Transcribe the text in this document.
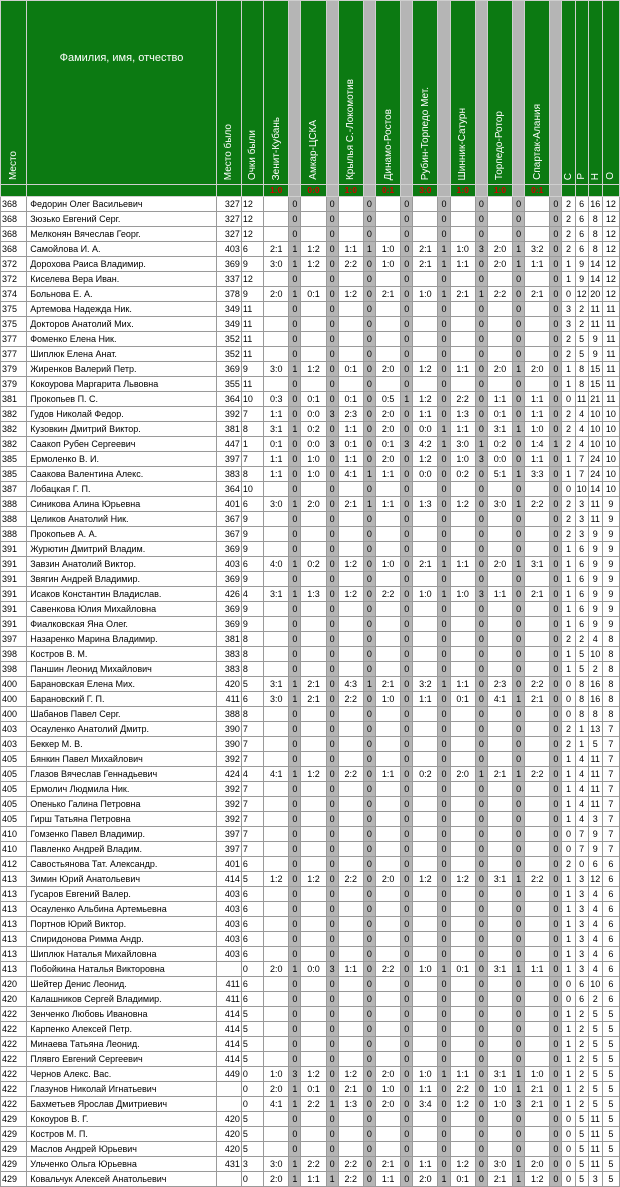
Место	Фамилия, имя, отчество	Место было	Очки были	Зенит-Кубань		Амкар-ЦСКА		Крылья С.-Локомотив		Динамо-Ростов		Рубин-Торпедо Мет.		Шинник-Сатурн		Торпедо-Ротор		Спартак-Алания		С	Р	Н	О
				1:0		0:0		1:0		0:1		3:0		1:0		1:0		0:1					
368	Федорин Олег Васильевич	327	12		0		0		0		0		0		0		0		0	2	6	16	12
368	Зюзько Евгений Серг.	327	12		0		0		0		0		0		0		0		0	2	6	8	12
368	Мелконян Вячеслав Георг.	327	12		0		0		0		0		0		0		0		0	2	6	8	12
368	Самойлова И. А.	403	6	2:1	1	1:2	0	1:1	1	1:0	0	2:1	1	1:0	3	2:0	1	3:2	0	2	6	8	12
372	Дорохова Раиса Владимир.	369	9	3:0	1	1:2	0	2:2	0	1:0	0	2:1	1	1:1	0	2:0	1	1:1	0	1	9	14	12
372	Киселева Вера Иван.	337	12		0		0		0		0		0		0		0		0	1	9	14	12
374	Больнова Е. А.	378	9	2:0	1	0:1	0	1:2	0	2:1	0	1:0	1	2:1	1	2:2	0	2:1	0	0	12	20	12
375	Артемова Надежда Ник.	349	11		0		0		0		0		0		0		0		0	3	2	11	11
375	Докторов Анатолий Мих.	349	11		0		0		0		0		0		0		0		0	3	2	11	11
377	Фоменко Елена Ник.	352	11		0		0		0		0		0		0		0		0	2	5	9	11
377	Шиплюк Елена Анат.	352	11		0		0		0		0		0		0		0		0	2	5	9	11
379	Жиренков Валерий Петр.	369	9	3:0	1	1:2	0	0:1	0	2:0	0	1:2	0	1:1	0	2:0	1	2:0	0	1	8	15	11
379	Кокоурова Маргарита Львовна	355	11		0		0		0		0		0		0		0		0	1	8	15	11
381	Прокопьев П. С.	364	10	0:3	0	0:1	0	0:1	0	0:5	1	1:2	0	2:2	0	1:1	0	1:1	0	0	11	21	11
382	Гудов Николай Федор.	392	7	1:1	0	0:0	3	2:3	0	2:0	0	1:1	0	1:3	0	0:1	0	1:1	0	2	4	10	10
382	Кузовкин Дмитрий Виктор.	381	8	3:1	1	0:2	0	1:1	0	2:0	0	0:0	1	1:1	0	3:1	1	1:0	0	2	4	10	10
382	Саакоп Рубен Сергеевич	447	1	0:1	0	0:0	3	0:1	0	0:1	3	4:2	1	3:0	1	0:2	0	1:4	1	2	4	10	10
385	Ермоленко В. И.	397	7	1:1	0	1:0	0	1:1	0	2:0	0	1:2	0	1:0	3	0:0	0	1:1	0	1	7	24	10
385	Саакова Валентина Алекс.	383	8	1:1	0	1:0	0	4:1	1	1:1	0	0:0	0	0:2	0	5:1	1	3:3	0	1	7	24	10
387	Лобацкая Г. П.	364	10		0		0		0		0		0		0		0		0	0	10	14	10
388	Синикова Алина Юрьевна	401	6	3:0	1	2:0	0	2:1	1	1:1	0	1:3	0	1:2	0	3:0	1	2:2	0	2	3	11	9
388	Целиков Анатолий Ник.	367	9		0		0		0		0		0		0		0		0	2	3	11	9
388	Прокопьев А. А.	367	9		0		0		0		0		0		0		0		0	2	3	9	9
391	Журютин Дмитрий Владим.	369	9		0		0		0		0		0		0		0		0	1	6	9	9
391	Завзин Анатолий Виктор.	403	6	4:0	1	0:2	0	1:2	0	1:0	0	2:1	1	1:1	0	2:0	1	3:1	0	1	6	9	9
391	Звягин Андрей Владимир.	369	9		0		0		0		0		0		0		0		0	1	6	9	9
391	Исаков Константин Владислав.	426	4	3:1	1	1:3	0	1:2	0	2:2	0	1:0	1	1:0	3	1:1	0	2:1	0	1	6	9	9
391	Савенкова Юлия Михайловна	369	9		0		0		0		0		0		0		0		0	1	6	9	9
391	Фиалковская Яна Олег.	369	9		0		0		0		0		0		0		0		0	1	6	9	9
397	Назаренко Марина Владимир.	381	8		0		0		0		0		0		0		0		0	2	2	4	8
398	Костров В. М.	383	8		0		0		0		0		0		0		0		0	1	5	10	8
398	Паншин Леонид Михайлович	383	8		0		0		0		0		0		0		0		0	1	5	2	8
400	Барановская Елена Мих.	420	5	3:1	1	2:1	0	4:3	1	2:1	0	3:2	1	1:1	0	2:3	0	2:2	0	0	8	16	8
400	Барановский Г. П.	411	6	3:0	1	2:1	0	2:2	0	1:0	0	1:1	0	0:1	0	4:1	1	2:1	0	0	8	16	8
400	Шабанов Павел Серг.	388	8		0		0		0		0		0		0		0		0	0	8	8	8
403	Осауленко Анатолий Дмитр.	390	7		0		0		0		0		0		0		0		0	2	1	13	7
403	Беккер М. В.	390	7		0		0		0		0		0		0		0		0	2	1	5	7
405	Бянкин Павел Михайлович	392	7		0		0		0		0		0		0		0		0	1	4	11	7
405	Глазов Вячеслав Геннадьевич	424	4	4:1	1	1:2	0	2:2	0	1:1	0	0:2	0	2:0	1	2:1	1	2:2	0	1	4	11	7
405	Ермолич Людмила Ник.	392	7		0		0		0		0		0		0		0		0	1	4	11	7
405	Опенько Галина Петровна	392	7		0		0		0		0		0		0		0		0	1	4	11	7
405	Гирш Татьяна Петровна	392	7		0		0		0		0		0		0		0		0	1	4	3	7
410	Гомзенко Павел Владимир.	397	7		0		0		0		0		0		0		0		0	0	7	9	7
410	Павленко Андрей Владим.	397	7		0		0		0		0		0		0		0		0	0	7	9	7
412	Савостьянова Тат. Александр.	401	6		0		0		0		0		0		0		0		0	2	0	6	6
413	Зимин Юрий Анатольевич	414	5	1:2	0	1:2	0	2:2	0	2:0	0	1:2	0	1:2	0	3:1	1	2:2	0	1	3	12	6
413	Гусаров Евгений Валер.	403	6		0		0		0		0		0		0		0		0	1	3	4	6
413	Осауленко Альбина Артемьевна	403	6		0		0		0		0		0		0		0		0	1	3	4	6
413	Портнов Юрий Виктор.	403	6		0		0		0		0		0		0		0		0	1	3	4	6
413	Спиридонова Римма Андр.	403	6		0		0		0		0		0		0		0		0	1	3	4	6
413	Шиплюк Наталья Михайловна	403	6		0		0		0		0		0		0		0		0	1	3	4	6
413	Побойкина Наталья Викторовна		0	2:0	1	0:0	3	1:1	0	2:2	0	1:0	1	0:1	0	3:1	1	1:1	0	1	3	4	6
420	Шейтер Денис Леонид.	411	6		0		0		0		0		0		0		0		0	0	6	10	6
420	Калашников Сергей Владимир.	411	6		0		0		0		0		0		0		0		0	0	6	2	6
422	Зенченко Любовь Ивановна	414	5		0		0		0		0		0		0		0		0	1	2	5	5
422	Карпенко Алексей Петр.	414	5		0		0		0		0		0		0		0		0	1	2	5	5
422	Минаева Татьяна Леонид.	414	5		0		0		0		0		0		0		0		0	1	2	5	5
422	Плявго Евгений Сергеевич	414	5		0		0		0		0		0		0		0		0	1	2	5	5
422	Чернов Алекс. Вас.	449	0	1:0	3	1:2	0	1:2	0	2:0	0	1:0	1	1:1	0	3:1	1	1:0	0	1	2	5	5
422	Глазунов Николай Игнатьевич		0	2:0	1	0:1	0	2:1	0	1:0	0	1:1	0	2:2	0	1:0	1	2:1	0	1	2	5	5
422	Бахметьев Ярослав Дмитриевич		0	4:1	1	2:2	1	1:3	0	2:0	0	3:4	0	1:2	0	1:0	3	2:1	0	1	2	5	5
429	Кокоуров В. Г.	420	5		0		0		0		0		0		0		0		0	0	5	11	5
429	Костров М. П.	420	5		0		0		0		0		0		0		0		0	0	5	11	5
429	Маслов Андрей Юрьевич	420	5		0		0		0		0		0		0		0		0	0	5	11	5
429	Ульченко Ольга Юрьевна	431	3	3:0	1	2:2	0	2:2	0	2:1	0	1:1	0	1:2	0	3:0	1	2:0	0	0	5	11	5
429	Ковальчук Алексей Анатольевич		0	2:0	1	1:1	1	2:2	0	1:1	0	2:0	1	0:1	0	2:1	1	1:2	0	0	5	3	5
